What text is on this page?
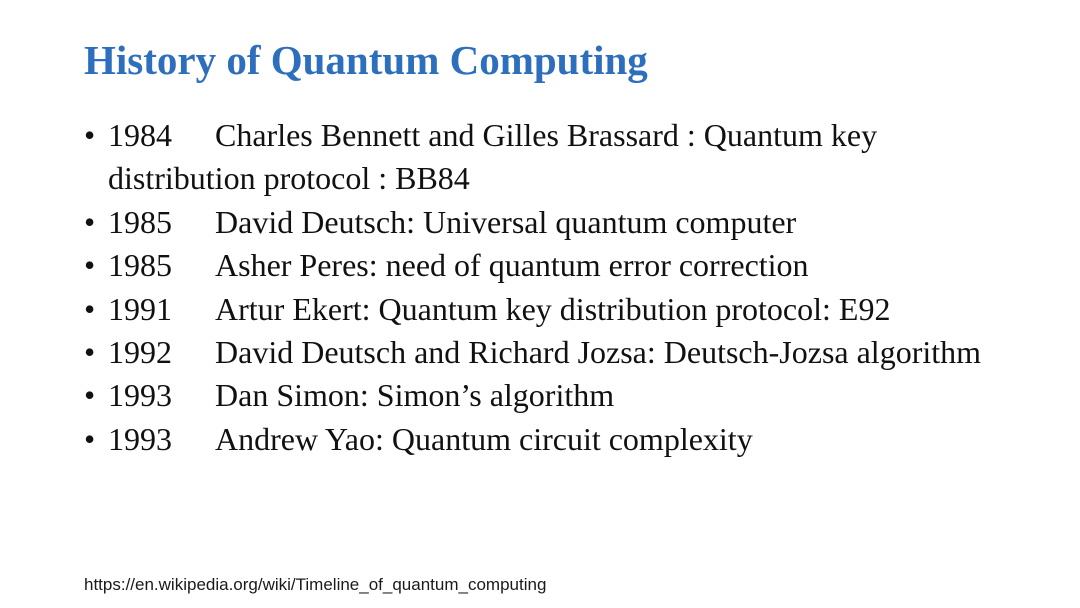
History of Quantum Computing
• 1984 Charles Bennett and Gilles Brassard : Quantum key distribution protocol : BB84
• 1985 David Deutsch: Universal quantum computer
• 1985 Asher Peres: need of quantum error correction
• 1991 Artur Ekert: Quantum key distribution protocol: E92
• 1992 David Deutsch and Richard Jozsa: Deutsch-Jozsa algorithm
• 1993 Dan Simon: Simon’s algorithm
• 1993 Andrew Yao: Quantum circuit complexity
https://en.wikipedia.org/wiki/Timeline_of_quantum_computing
